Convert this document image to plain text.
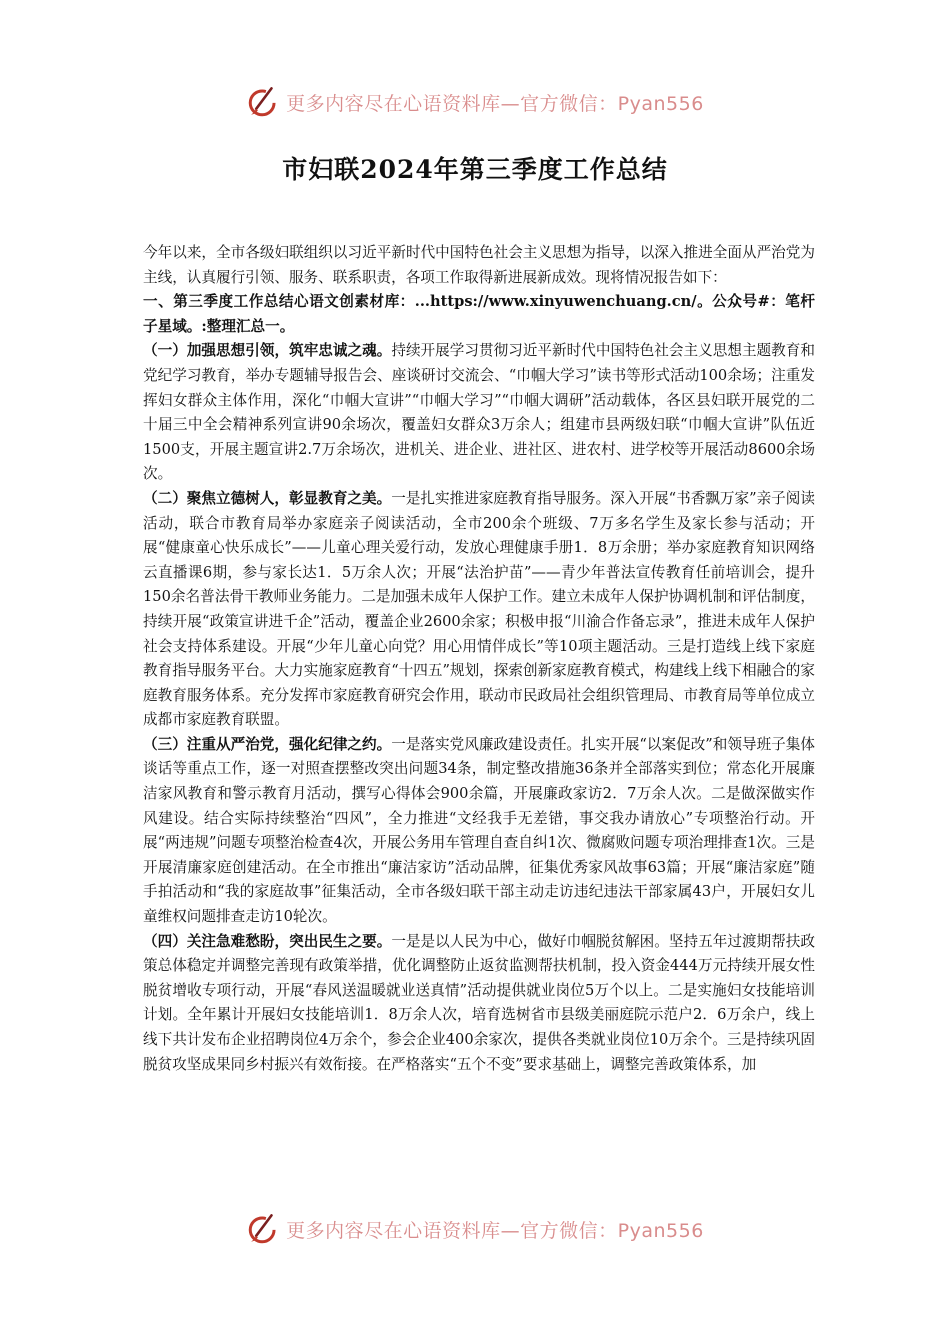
更多内容尽在心语资料库—官方微信：Pyan556
市妇联2024年第三季度工作总结

今年以来，全市各级妇联组织以习近平新时代中国特色社会主义思想为指导，以深入推进全面从严治党为主线，认真履行引领、服务、联系职责，各项工作取得新进展新成效。现将情况报告如下：

一、第三季度工作总结心语文创素材库：...https://www.xinyuwenchuang.cn/。公众号#：笔杆子星域。:整理汇总一。

（一）加强思想引领，筑牢忠诚之魂。持续开展学习贯彻习近平新时代中国特色社会主义思想主题教育和党纪学习教育，举办专题辅导报告会、座谈研讨交流会、“巾帼大学习”读书等形式活动100余场；注重发挥妇女群众主体作用，深化“巾帼大宣讲”“巾帼大学习”“巾帼大调研”活动载体，各区县妇联开展党的二十届三中全会精神系列宣讲90余场次，覆盖妇女群众3万余人；组建市县两级妇联“巾帼大宣讲”队伍近1500支，开展主题宣讲2.7万余场次，进机关、进企业、进社区、进农村、进学校等开展活动8600余场次。

（二）聚焦立德树人，彰显教育之美。一是扎实推进家庭教育指导服务。深入开展“书香飘万家”亲子阅读活动，联合市教育局举办家庭亲子阅读活动，全市200余个班级、7万多名学生及家长参与活动；开展“健康童心快乐成长”——儿童心理关爱行动，发放心理健康手册1．8万余册；举办家庭教育知识网络云直播课6期，参与家长达1．5万余人次；开展“法治护苗”——青少年普法宣传教育任前培训会，提升150余名普法骨干教师业务能力。二是加强未成年人保护工作。建立未成年人保护协调机制和评估制度，持续开展“政策宣讲进千企”活动，覆盖企业2600余家；积极申报“川渝合作备忘录”，推进未成年人保护社会支持体系建设。开展“少年儿童心向党？用心用情伴成长”等10项主题活动。三是打造线上线下家庭教育指导服务平台。大力实施家庭教育“十四五”规划，探索创新家庭教育模式，构建线上线下相融合的家庭教育服务体系。充分发挥市家庭教育研究会作用，联动市民政局社会组织管理局、市教育局等单位成立成都市家庭教育联盟。

（三）注重从严治党，强化纪律之约。一是落实党风廉政建设责任。扎实开展“以案促改”和领导班子集体谈话等重点工作，逐一对照查摆整改突出问题34条，制定整改措施36条并全部落实到位；常态化开展廉洁家风教育和警示教育月活动，撰写心得体会900余篇，开展廉政家访2．7万余人次。二是做深做实作风建设。结合实际持续整治“四风”，全力推进“文经我手无差错，事交我办请放心”专项整治行动。开展“两违规”问题专项整治检查4次，开展公务用车管理自查自纠1次、微腐败问题专项治理排查1次。三是开展清廉家庭创建活动。在全市推出“廉洁家访”活动品牌，征集优秀家风故事63篇；开展“廉洁家庭”随手拍活动和“我的家庭故事”征集活动，全市各级妇联干部主动走访违纪违法干部家属43户，开展妇女儿童维权问题排查走访10轮次。

（四）关注急难愁盼，突出民生之要。一是是以人民为中心，做好巾帼脱贫解困。坚持五年过渡期帮扶政策总体稳定并调整完善现有政策举措，优化调整防止返贫监测帮扶机制，投入资金444万元持续开展女性脱贫增收专项行动，开展“春风送温暖就业送真情”活动提供就业岗位5万个以上。二是实施妇女技能培训计划。全年累计开展妇女技能培训1．8万余人次，培育选树省市县级美丽庭院示范户2．6万余户，线上线下共计发布企业招聘岗位4万余个，参会企业400余家次，提供各类就业岗位10万余个。三是持续巩固脱贫攻坚成果同乡村振兴有效衔接。在严格落实“五个不变”要求基础上，调整完善政策体系，加

更多内容尽在心语资料库—官方微信：Pyan556
